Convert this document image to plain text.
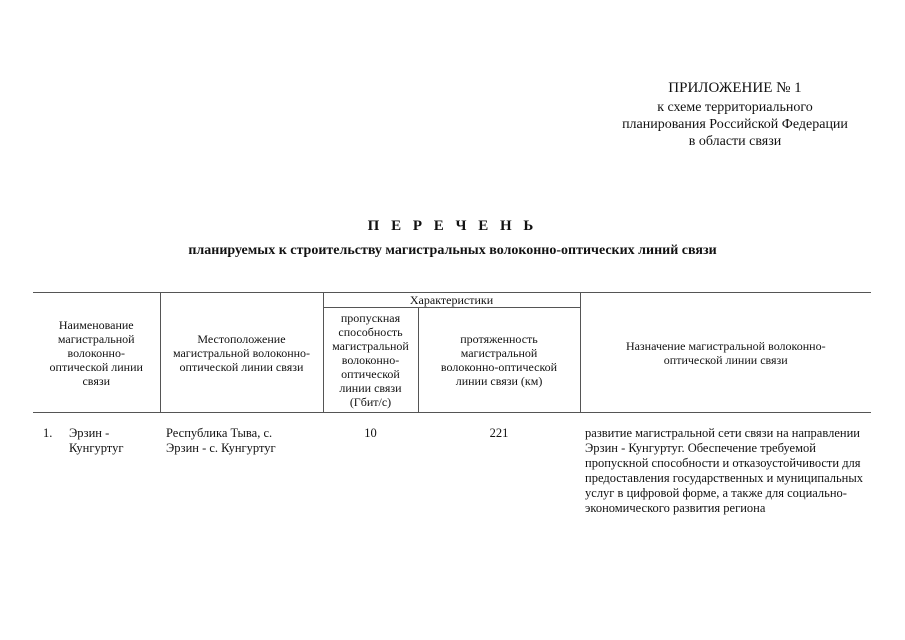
ПРИЛОЖЕНИЕ № 1
к схеме территориального
планирования Российской Федерации
в области связи
П Е Р Е Ч Е Н Ь
планируемых к строительству магистральных волоконно-оптических линий связи
Наименование магистральной волоконно-оптической линии связи	Местоположение магистральной волоконно-оптической линии связи	Характеристики		Назначение магистральной волоконно-оптической линии связи
		пропускная способность магистральной волоконно-оптической линии связи (Гбит/с)	протяженность магистральной волоконно-оптической линии связи (км)	

1. Эрзин - Кунгуртуг	Республика Тыва, с. Эрзин - с. Кунгуртуг	10	221	развитие магистральной сети связи на направлении Эрзин - Кунгуртуг. Обеспечение требуемой пропускной способности и отказоустойчивости для предоставления государственных и муниципальных услуг в цифровой форме, а также для социально-экономического развития региона
